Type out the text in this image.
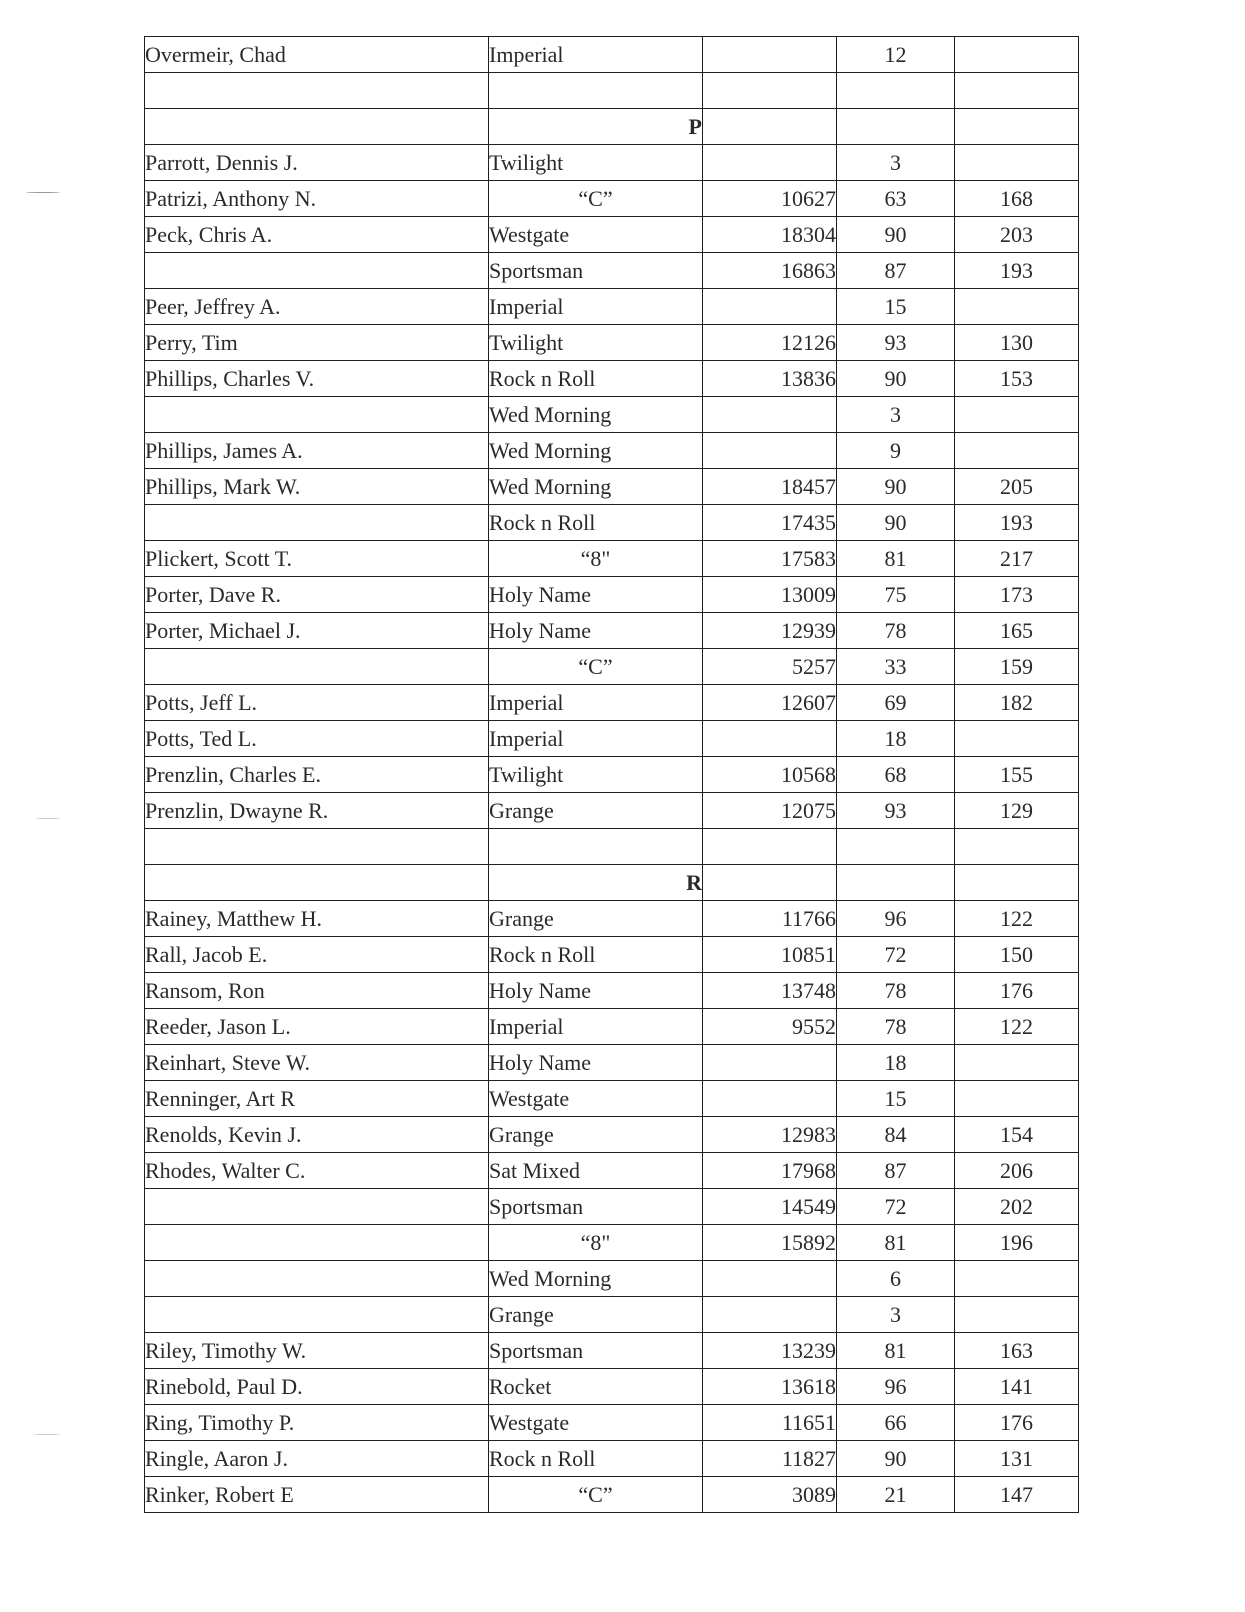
Overmeir, Chad	Imperial		12	

	P			
Parrott, Dennis J.	Twilight		3	
Patrizi, Anthony N.	“C”	10627	63	168
Peck, Chris A.	Westgate	18304	90	203
	Sportsman	16863	87	193
Peer, Jeffrey A.	Imperial		15	
Perry, Tim	Twilight	12126	93	130
Phillips, Charles V.	Rock n Roll	13836	90	153
	Wed Morning		3	
Phillips, James A.	Wed Morning		9	
Phillips, Mark W.	Wed Morning	18457	90	205
	Rock n Roll	17435	90	193
Plickert, Scott T.	“8"	17583	81	217
Porter, Dave R.	Holy Name	13009	75	173
Porter, Michael J.	Holy Name	12939	78	165
	“C”	5257	33	159
Potts, Jeff L.	Imperial	12607	69	182
Potts, Ted L.	Imperial		18	
Prenzlin, Charles E.	Twilight	10568	68	155
Prenzlin, Dwayne R.	Grange	12075	93	129

	R			
Rainey, Matthew H.	Grange	11766	96	122
Rall, Jacob E.	Rock n Roll	10851	72	150
Ransom, Ron	Holy Name	13748	78	176
Reeder, Jason L.	Imperial	9552	78	122
Reinhart, Steve W.	Holy Name		18	
Renninger, Art R	Westgate		15	
Renolds, Kevin J.	Grange	12983	84	154
Rhodes, Walter C.	Sat Mixed	17968	87	206
	Sportsman	14549	72	202
	“8"	15892	81	196
	Wed Morning		6	
	Grange		3	
Riley, Timothy W.	Sportsman	13239	81	163
Rinebold, Paul D.	Rocket	13618	96	141
Ring, Timothy P.	Westgate	11651	66	176
Ringle, Aaron J.	Rock n Roll	11827	90	131
Rinker, Robert E	“C”	3089	21	147
